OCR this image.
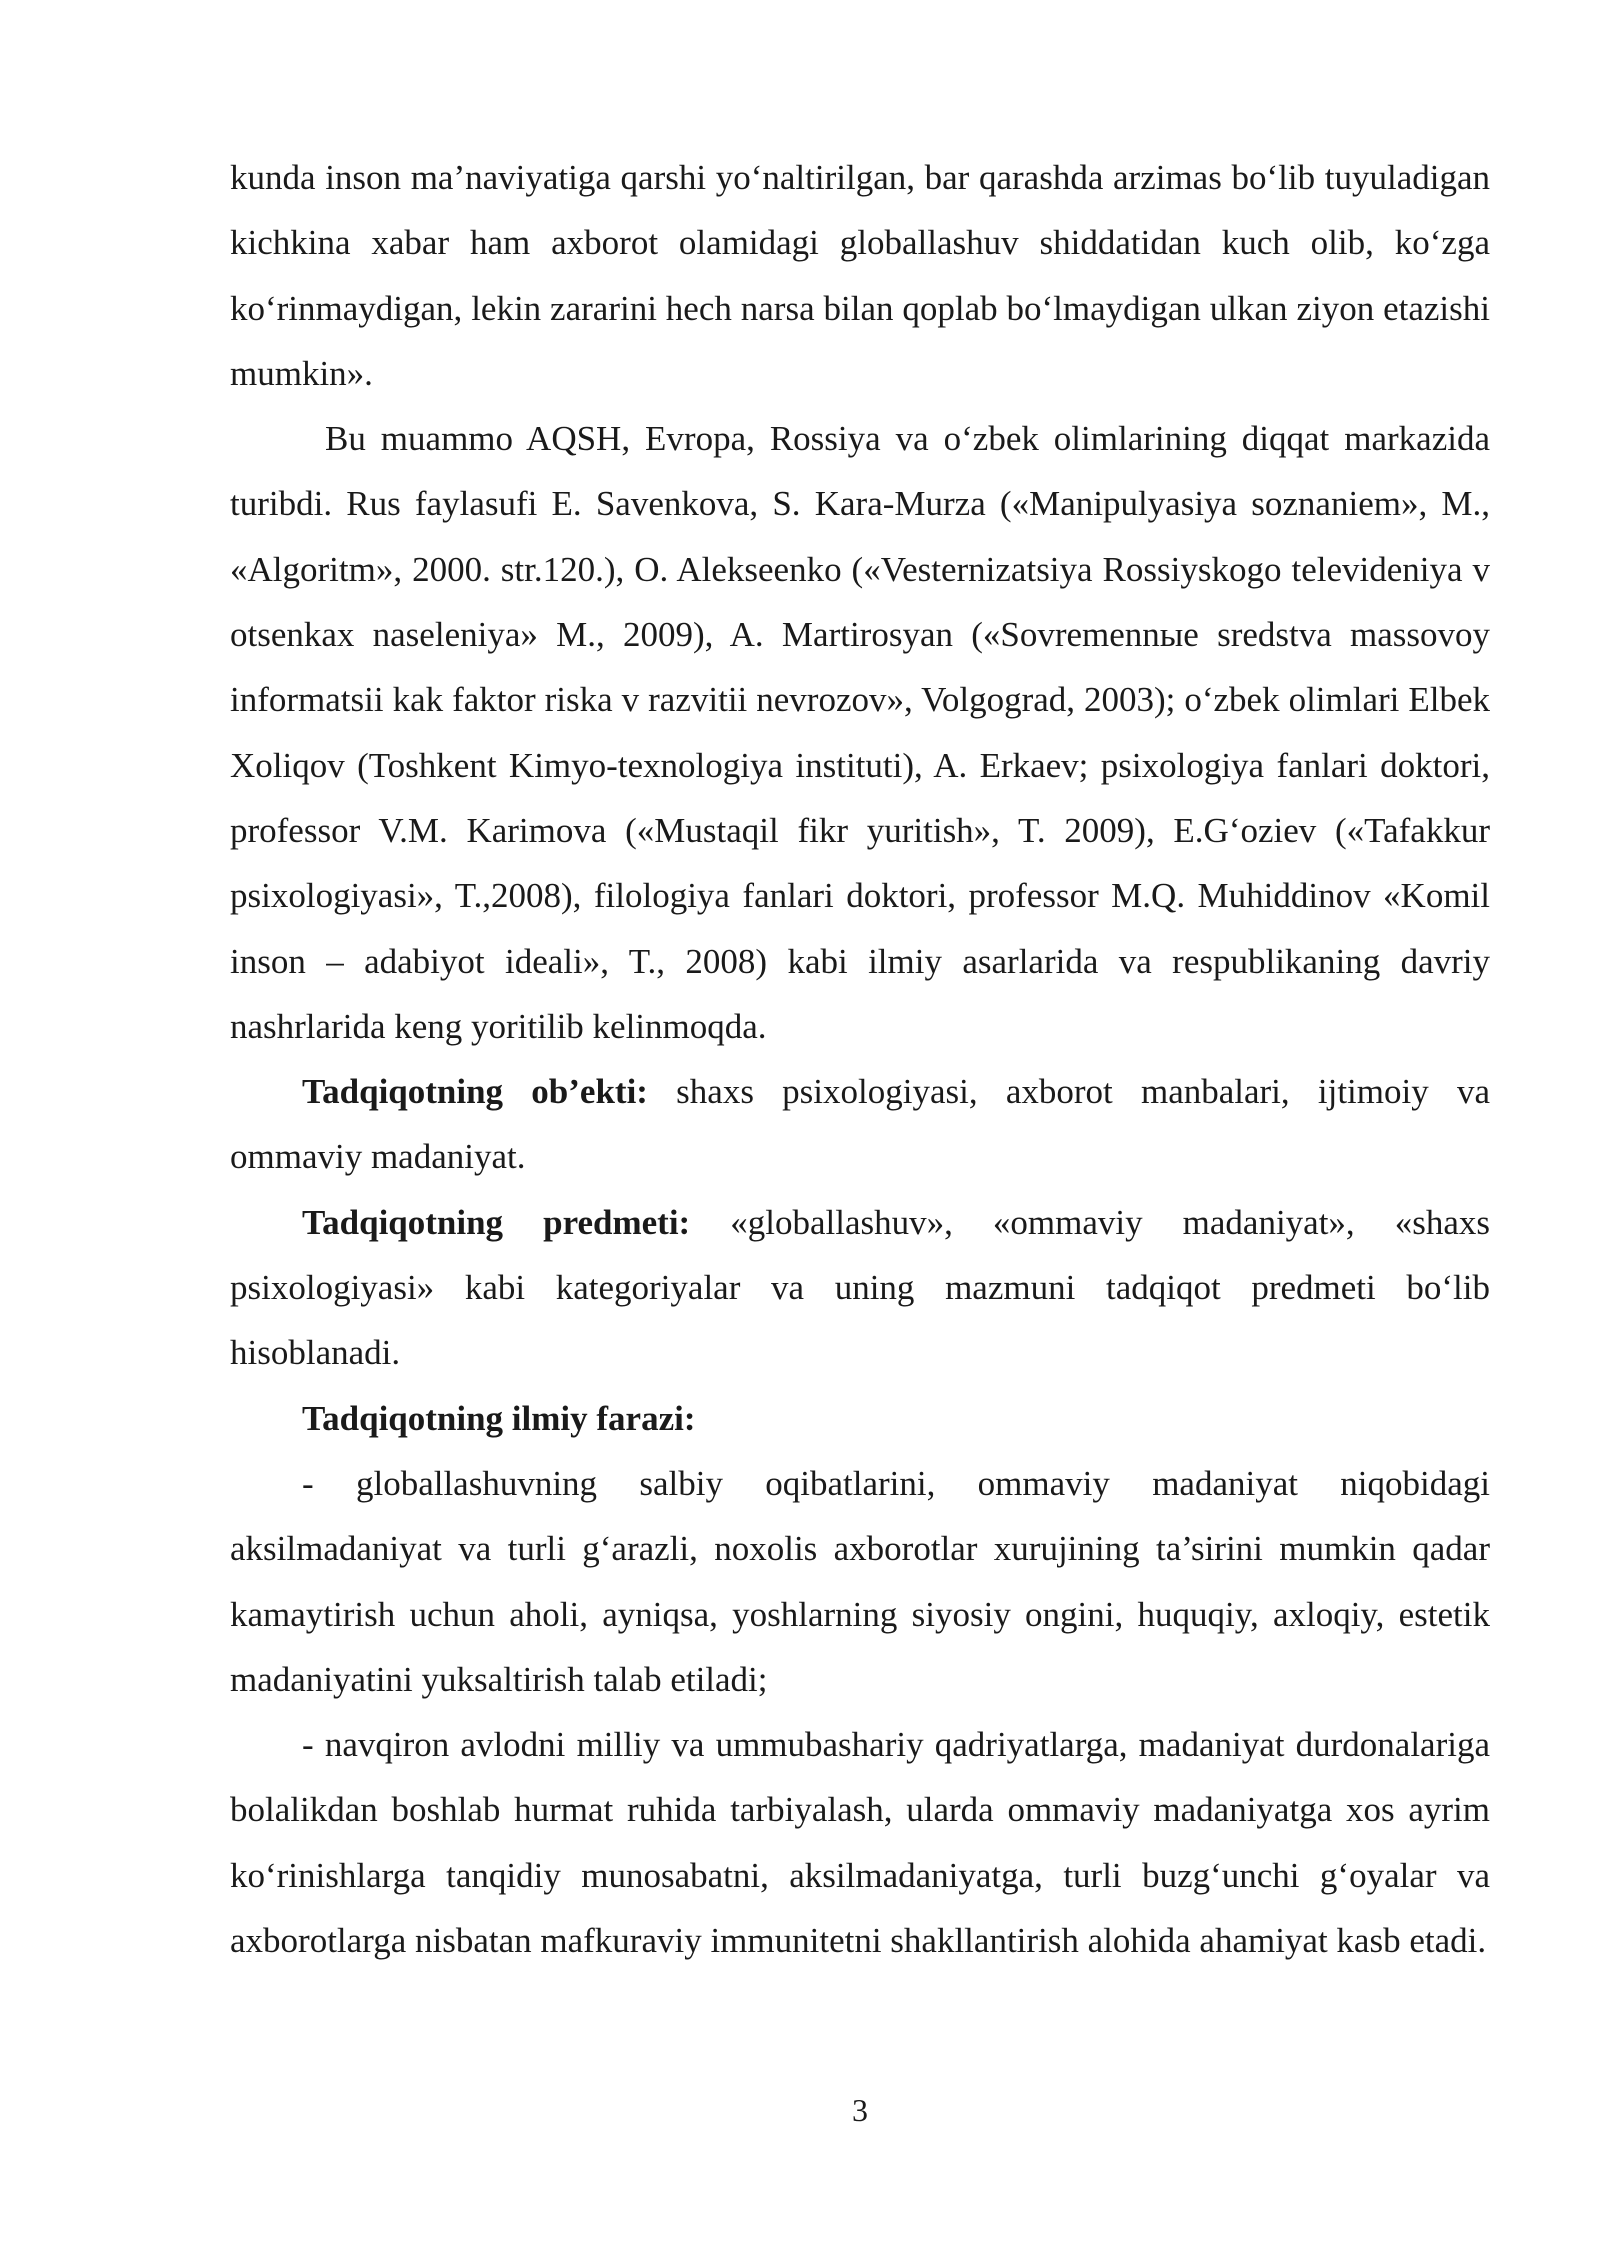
kunda inson ma’naviyatiga qarshi yo‘naltirilgan, bar qarashda arzimas bo‘lib tuyuladigan kichkina xabar ham axborot olamidagi globallashuv shiddatidan kuch olib, ko‘zga ko‘rinmaydigan, lekin zararini hech narsa bilan qoplab bo‘lmaydigan ulkan ziyon etazishi mumkin».

Bu muammo AQSH, Evropa, Rossiya va o‘zbek olimlarining diqqat markazida turibdi. Rus faylasufi E. Savenkova, S. Kara-Murza («Manipulyasiya soznaniem», M., «Algoritm», 2000. str.120.), O. Alekseenko («Vesternizatsiya Rossiyskogo televideniya v otsenkax naseleniya» M., 2009), A. Martirosyan («Sovremennыe sredstva massovoy informatsii kak faktor riska v razvitii nevrozov», Volgograd, 2003); o‘zbek olimlari Elbek Xoliqov (Toshkent Kimyo-texnologiya instituti), A. Erkaev; psixologiya fanlari doktori, professor V.M. Karimova («Mustaqil fikr yuritish», T. 2009), E.G‘oziev («Tafakkur psixologiyasi», T.,2008), filologiya fanlari doktori, professor M.Q. Muhiddinov «Komil inson – adabiyot ideali», T., 2008) kabi ilmiy asarlarida va respublikaning davriy nashrlarida keng yoritilib kelinmoqda.

Tadqiqotning ob’ekti: shaxs psixologiyasi, axborot manbalari, ijtimoiy va ommaviy madaniyat.

Tadqiqotning predmeti: «globallashuv», «ommaviy madaniyat», «shaxs psixologiyasi» kabi kategoriyalar va uning mazmuni tadqiqot predmeti bo‘lib hisoblanadi.

Tadqiqotning ilmiy farazi:

- globallashuvning salbiy oqibatlarini, ommaviy madaniyat niqobidagi aksilmadaniyat va turli g‘arazli, noxolis axborotlar xurujining ta’sirini mumkin qadar kamaytirish uchun aholi, ayniqsa, yoshlarning siyosiy ongini, huquqiy, axloqiy, estetik madaniyatini yuksaltirish talab etiladi;

- navqiron avlodni milliy va ummubashariy qadriyatlarga, madaniyat durdonalariga bolalikdan boshlab hurmat ruhida tarbiyalash, ularda ommaviy madaniyatga xos ayrim ko‘rinishlarga tanqidiy munosabatni, aksilmadaniyatga, turli buzg‘unchi g‘oyalar va axborotlarga nisbatan mafkuraviy immunitetni shakllantirish alohida ahamiyat kasb etadi.

3
